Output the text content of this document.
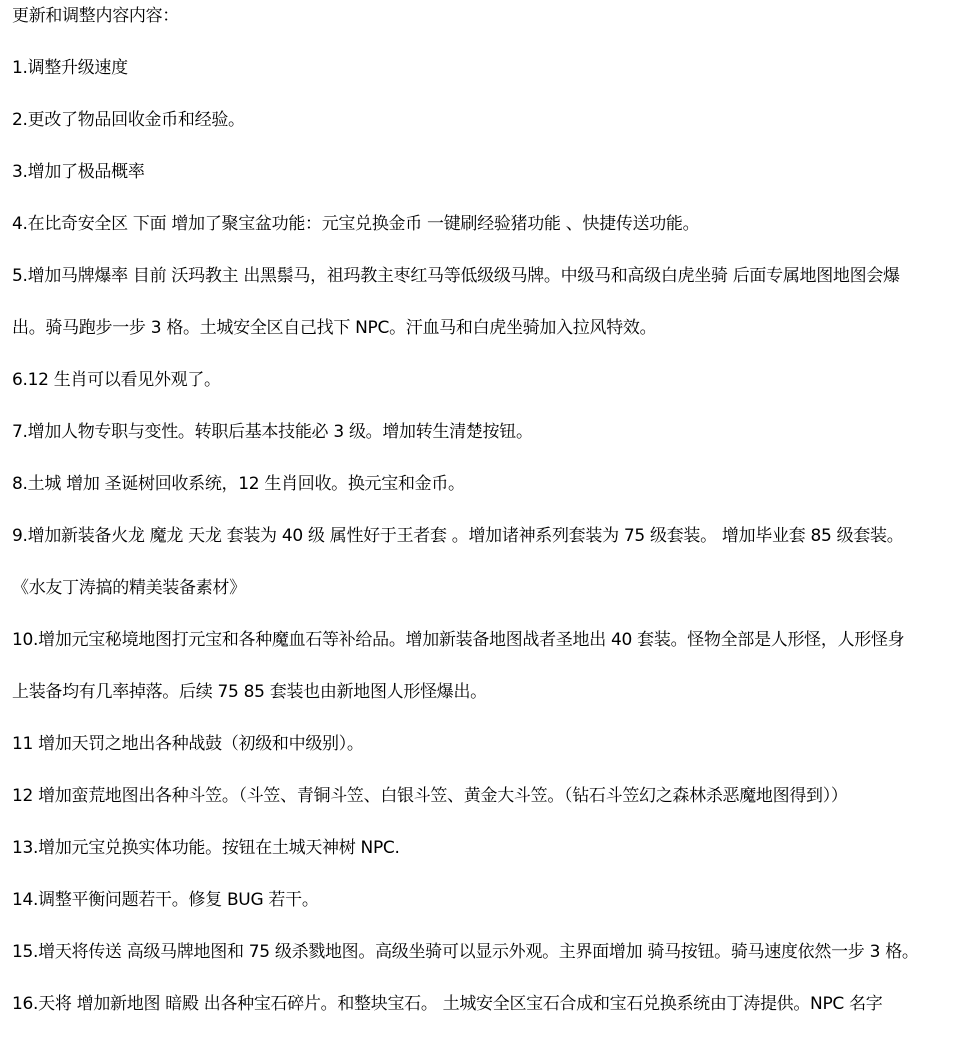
更新和调整内容内容：
1.调整升级速度
2.更改了物品回收金币和经验。
3.增加了极品概率
4.在比奇安全区 下面 增加了聚宝盆功能：元宝兑换金币 一键刷经验猪功能 、快捷传送功能。
5.增加马牌爆率 目前 沃玛教主 出黑鬃马，祖玛教主枣红马等低级级马牌。中级马和高级白虎坐骑 后面专属地图地图会爆
出。骑马跑步一步 3 格。土城安全区自己找下 NPC。汗血马和白虎坐骑加入拉风特效。
6.12 生肖可以看见外观了。
7.增加人物专职与变性。转职后基本技能必 3 级。增加转生清楚按钮。
8.土城 增加 圣诞树回收系统，12 生肖回收。换元宝和金币。
9.增加新装备火龙 魔龙 天龙 套装为 40 级 属性好于王者套 。增加诸神系列套装为 75 级套装。 增加毕业套 85 级套装。
《水友丁涛搞的精美装备素材》
10.增加元宝秘境地图打元宝和各种魔血石等补给品。增加新装备地图战者圣地出 40 套装。怪物全部是人形怪，人形怪身
上装备均有几率掉落。后续 75 85 套装也由新地图人形怪爆出。
11 增加天罚之地出各种战鼓（初级和中级别）。
12 增加蛮荒地图出各种斗笠。（斗笠、青铜斗笠、白银斗笠、黄金大斗笠。（钻石斗笠幻之森林杀恶魔地图得到））
13.增加元宝兑换实体功能。按钮在土城天神树 NPC.
14.调整平衡问题若干。修复 BUG 若干。
15.增天将传送 高级马牌地图和 75 级杀戮地图。高级坐骑可以显示外观。主界面增加 骑马按钮。骑马速度依然一步 3 格。
16.天将 增加新地图 暗殿 出各种宝石碎片。和整块宝石。 土城安全区宝石合成和宝石兑换系统由丁涛提供。NPC 名字
